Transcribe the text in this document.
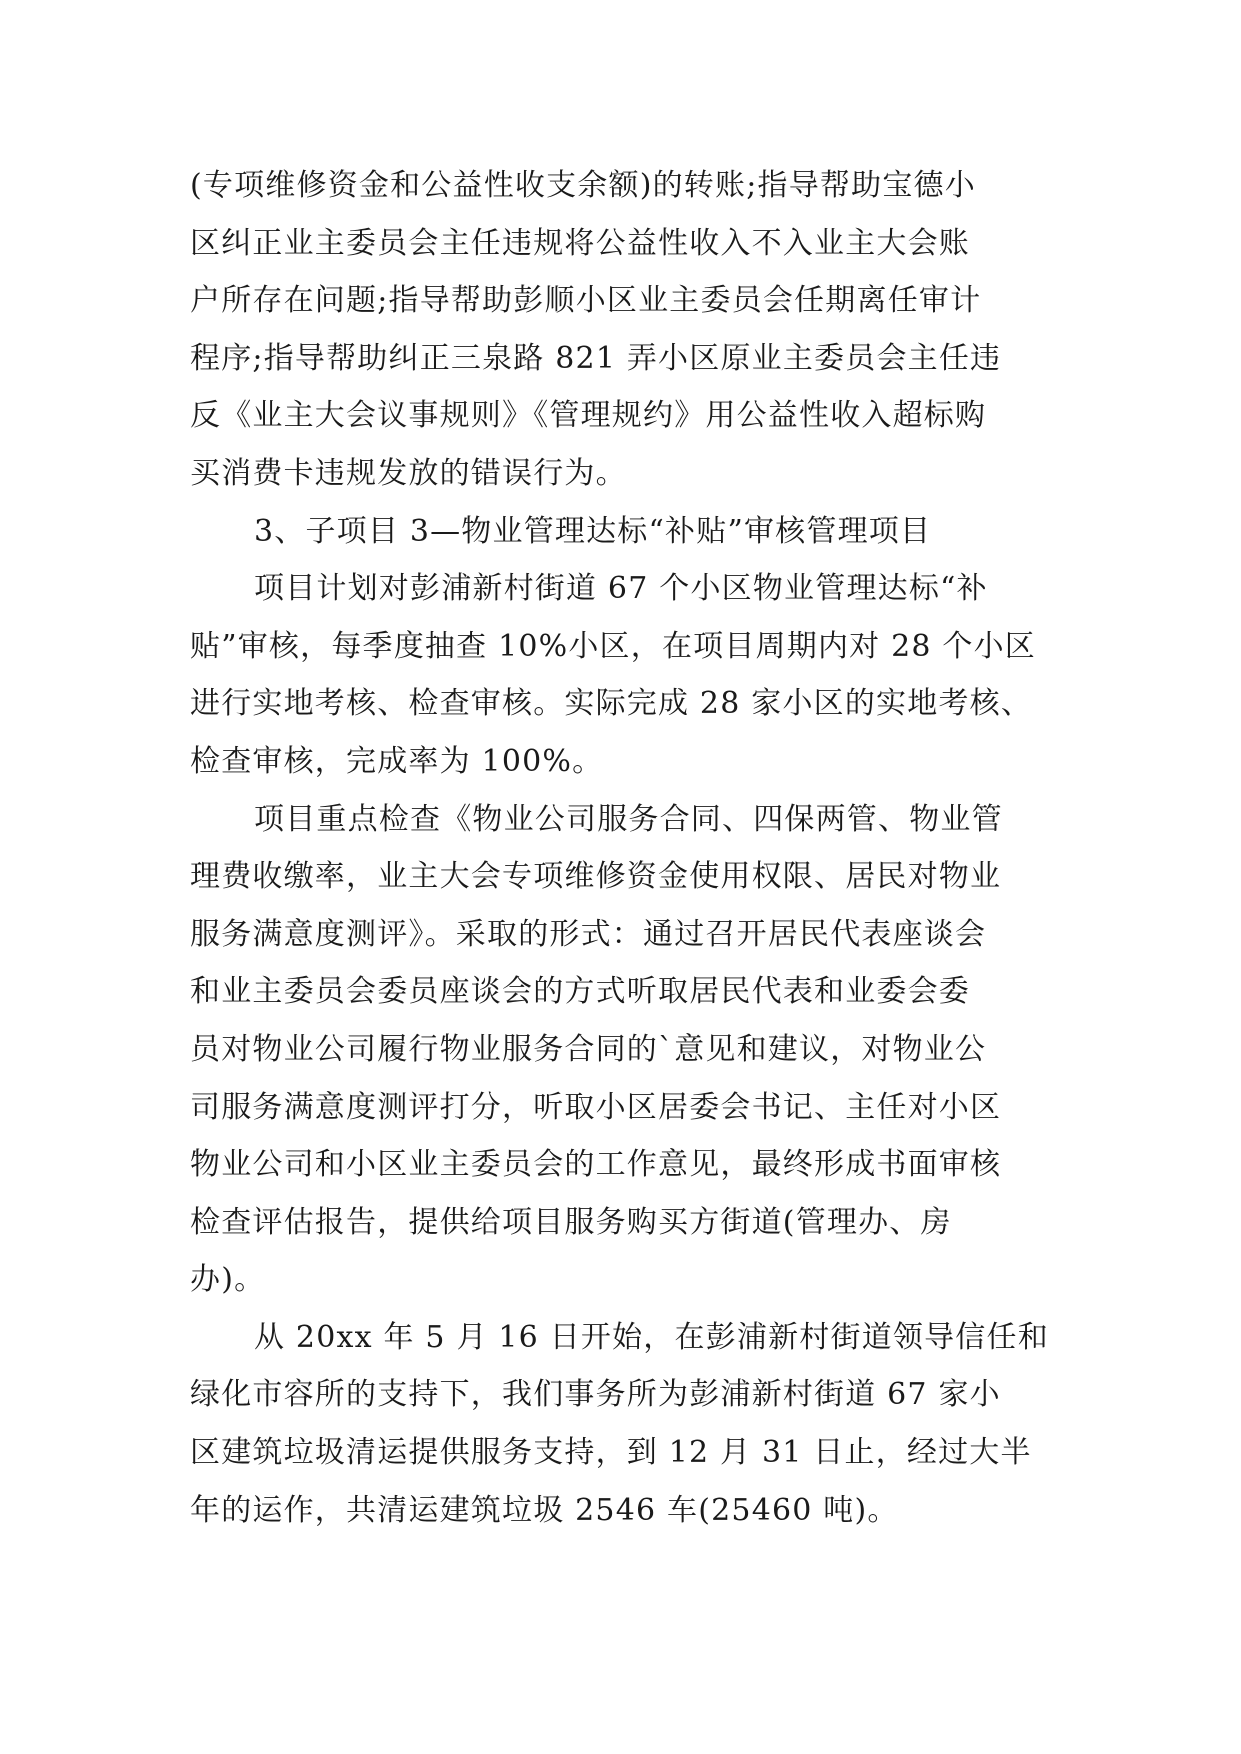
(专项维修资金和公益性收支余额)的转账;指导帮助宝德小
区纠正业主委员会主任违规将公益性收入不入业主大会账
户所存在问题;指导帮助彭顺小区业主委员会任期离任审计
程序;指导帮助纠正三泉路 821 弄小区原业主委员会主任违
反《业主大会议事规则》《管理规约》用公益性收入超标购
买消费卡违规发放的错误行为。
3、子项目 3—物业管理达标“补贴”审核管理项目
项目计划对彭浦新村街道 67 个小区物业管理达标“补
贴”审核，每季度抽查 10%小区，在项目周期内对 28 个小区
进行实地考核、检查审核。实际完成 28 家小区的实地考核、
检查审核，完成率为 100%。
项目重点检查《物业公司服务合同、四保两管、物业管
理费收缴率，业主大会专项维修资金使用权限、居民对物业
服务满意度测评》。采取的形式：通过召开居民代表座谈会
和业主委员会委员座谈会的方式听取居民代表和业委会委
员对物业公司履行物业服务合同的`意见和建议，对物业公
司服务满意度测评打分，听取小区居委会书记、主任对小区
物业公司和小区业主委员会的工作意见，最终形成书面审核
检查评估报告，提供给项目服务购买方街道(管理办、房
办)。
从 20xx 年 5 月 16 日开始，在彭浦新村街道领导信任和
绿化市容所的支持下，我们事务所为彭浦新村街道 67 家小
区建筑垃圾清运提供服务支持，到 12 月 31 日止，经过大半
年的运作，共清运建筑垃圾 2546 车(25460 吨)。
